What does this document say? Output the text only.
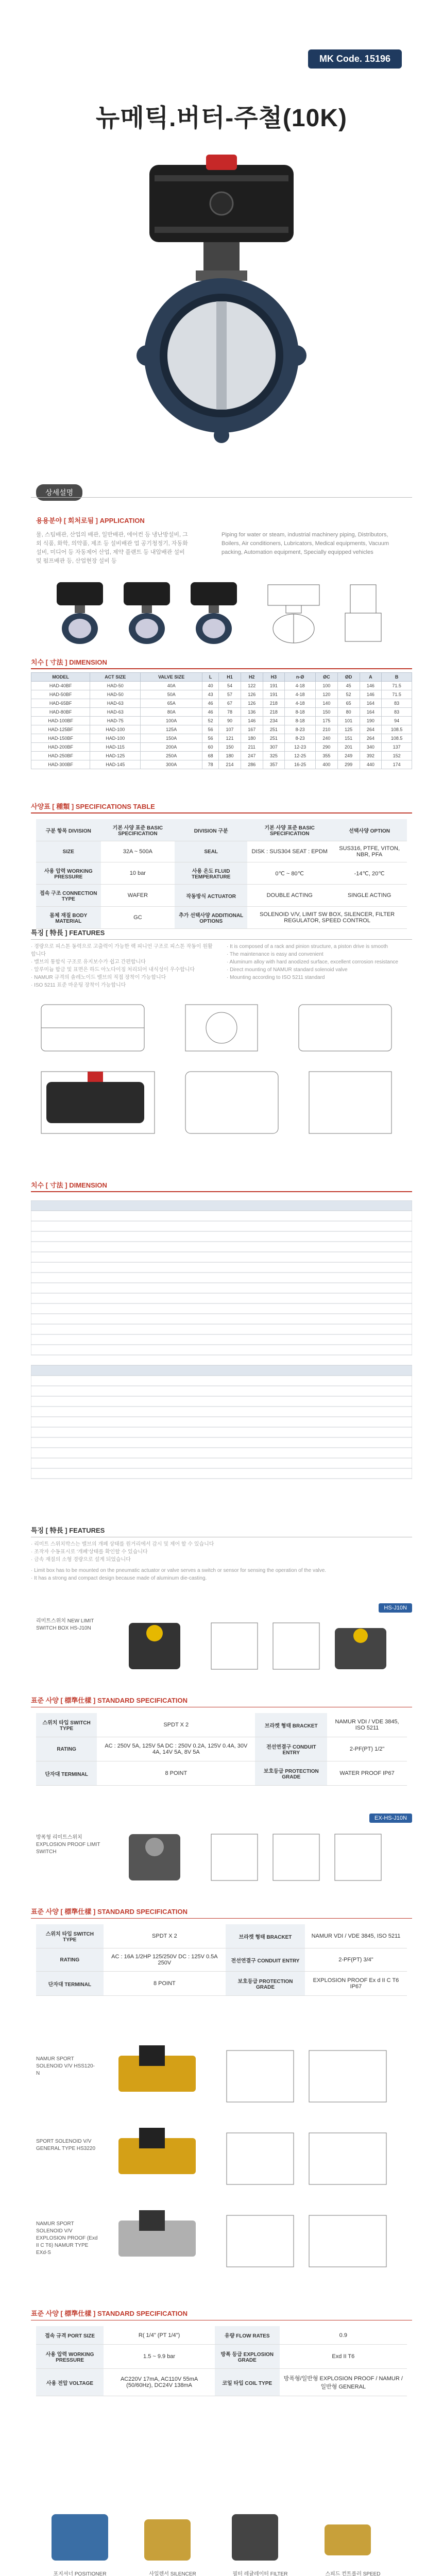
MK Code. 15196
뉴메틱.버터-주철(10K)
상세설명
용용분야 [ 회처로됨 ] APPLICATION
물, 스팀배관, 산업의 배관, 일반배관, 에어컨 등 냉난방설비, 그 외 식품, 화학, 의약품, 제조 등 설비배관 업 공기청정기, 자동화설비, 미디어 등 자동제어 산업, 제약 플랜트 등 내압배관 설비 및 펌프배관 등, 산업현장 설비 등
Piping for water or steam, industrial machinery piping, Distributors, Boilers, Air conditioners, Lubricators, Medical equipments, Vacuum packing, Automation equipment, Specially equipped vehicles
치수 [ 寸法 ] DIMENSION
MODEL	ACT SIZE	VALVE SIZE	L	H1	H2	H3	n-Ø	ØC	ØD	A	B
HAD-40BF	HAD-50	40A	40	54	122	191	4-18	100	45	146	71.5
HAD-50BF	HAD-50	50A	43	57	126	191	4-18	120	52	146	71.5
HAD-65BF	HAD-63	65A	46	67	126	218	4-18	140	65	164	83
HAD-80BF	HAD-63	80A	46	78	136	218	8-18	150	80	164	83
HAD-100BF	HAD-75	100A	52	90	146	234	8-18	175	101	190	94
HAD-125BF	HAD-100	125A	56	107	167	251	8-23	210	125	264	108.5
HAD-150BF	HAD-100	150A	56	121	180	251	8-23	240	151	264	108.5
HAD-200BF	HAD-115	200A	60	150	211	307	12-23	290	201	340	137
HAD-250BF	HAD-125	250A	68	180	247	325	12-25	355	249	392	152
HAD-300BF	HAD-145	300A	78	214	286	357	16-25	400	299	440	174
사양표 [ 種類 ] SPECIFICATIONS TABLE
구분 항목 DIVISION	기본 사양 표준 BASIC SPECIFICATION	DIVISION 구분	기본 사양 표준 BASIC SPECIFICATION	선택사양 OPTION
SIZE	32A ~ 500A	SEAL	DISK : SUS304 SEAT : EPDM	SUS316, PTFE, VITON, NBR, PFA
사용 압력 WORKING PRESSURE	10 bar	사용 온도 FLUID TEMPERATURE	0℃ ~ 80℃	-14℃, 20℃
접속 구조 CONNECTION TYPE	WAFER	작동방식 ACTUATOR	DOUBLE ACTING	SINGLE ACTING
몸체 재질 BODY MATERIAL	GC	추가 선택사양 ADDITIONAL OPTIONS	SOLENOID V/V, LIMIT SW BOX, SILENCER, FILTER REGULATOR, SPEED CONTROL	
특징 [ 特長 ] FEATURES
· 경량으로 피스톤 동력으로 고출력이 가능한 랙 피니언 구조로 피스톤 작동이 원활합니다
· 밸브의 통합식 구조로 유지보수가 쉽고 간편합니다
· 알루미늄 합금 및 표면은 하드 아노다이징 처리되어 내식성이 우수합니다
· NAMUR 규격의 솔레노이드 밸브의 직접 장착이 가능합니다
· ISO 5211 표준 마운팅 장착이 가능합니다
· It is composed of a rack and pinion structure, a piston drive is smooth
· The maintenance is easy and convenient
· Aluminum alloy with hard anodized surface, excellent corrosion resistance
· Direct mounting of NAMUR standard solenoid valve
· Mounting according to ISO 5211 standard
치수 [ 寸法 ] DIMENSION
특징 [ 特長 ] FEATURES
· 리미트 스위치박스는 밸브의 개폐 상태를 원거리에서 감시 및 제어 할 수 있습니다
· 조작자 수동표시로 '개폐'상태를 확인할 수 있습니다
· 금속 재질의 소형 경량으로 설계 되었습니다
· Limit box has to be mounted on the pneumatic actuator or valve serves a switch or sensor for sensing the operation of the valve.
· It has a strong and compact design because made of aluminum die-casting.
HS-J10N
리미트스위치 NEW LIMIT SWITCH BOX HS-J10N
표준 사양 [ 標準仕樣 ] STANDARD SPECIFICATION
스위치 타입 SWITCH TYPE	SPDT X 2	브라켓 형태 BRACKET	NAMUR VDI / VDE 3845, ISO 5211
RATING	AC : 250V 5A, 125V 5A DC : 250V 0.2A, 125V 0.4A, 30V 4A, 14V 5A, 8V 5A	전선연결구 CONDUIT ENTRY	2-PF(PT) 1/2"
단자대 TERMINAL	8 POINT	보호등급 PROTECTION GRADE	WATER PROOF IP67
EX-HS-J10N
방폭형 리미트스위치 EXPLOSION PROOF LIMIT SWITCH
표준 사양 [ 標準仕樣 ] STANDARD SPECIFICATION
스위치 타입 SWITCH TYPE	SPDT X 2	브라켓 형태 BRACKET	NAMUR VDI / VDE 3845, ISO 5211
RATING	AC : 16A 1/2HP 125/250V DC : 125V 0.5A 250V	전선연결구 CONDUIT ENTRY	2-PF(PT) 3/4"
단자대 TERMINAL	8 POINT	보호등급 PROTECTION GRADE	EXPLOSION PROOF Ex d II C T6 IP67
NAMUR SPORT SOLENOID V/V HSS120-N
SPORT SOLENOID V/V GENERAL TYPE HS3220
NAMUR SPORT SOLENOID V/V EXPLOSION PROOF (Exd II C T6) NAMUR TYPE EXd-S
표준 사양 [ 標準仕樣 ] STANDARD SPECIFICATION
접속 규격 PORT SIZE	R( 1/4" (PT 1/4")	유량 FLOW RATES	0.9
사용 압력 WORKING PRESSURE	1.5 ~ 9.9 bar	방폭 등급 EXPLOSION GRADE	Exd II T6
사용 전압 VOLTAGE	AC220V 17mA, AC110V 55mA (50/60Hz), DC24V 138mA	코일 타입 COIL TYPE	방폭형/일반형 EXPLOSION PROOF / NAMUR / 일반형 GENERAL
포지셔너 POSITIONER	사일렌서 SILENCER	필터 레귤레이터 FILTER	스피드 컨트롤러 SPEED
